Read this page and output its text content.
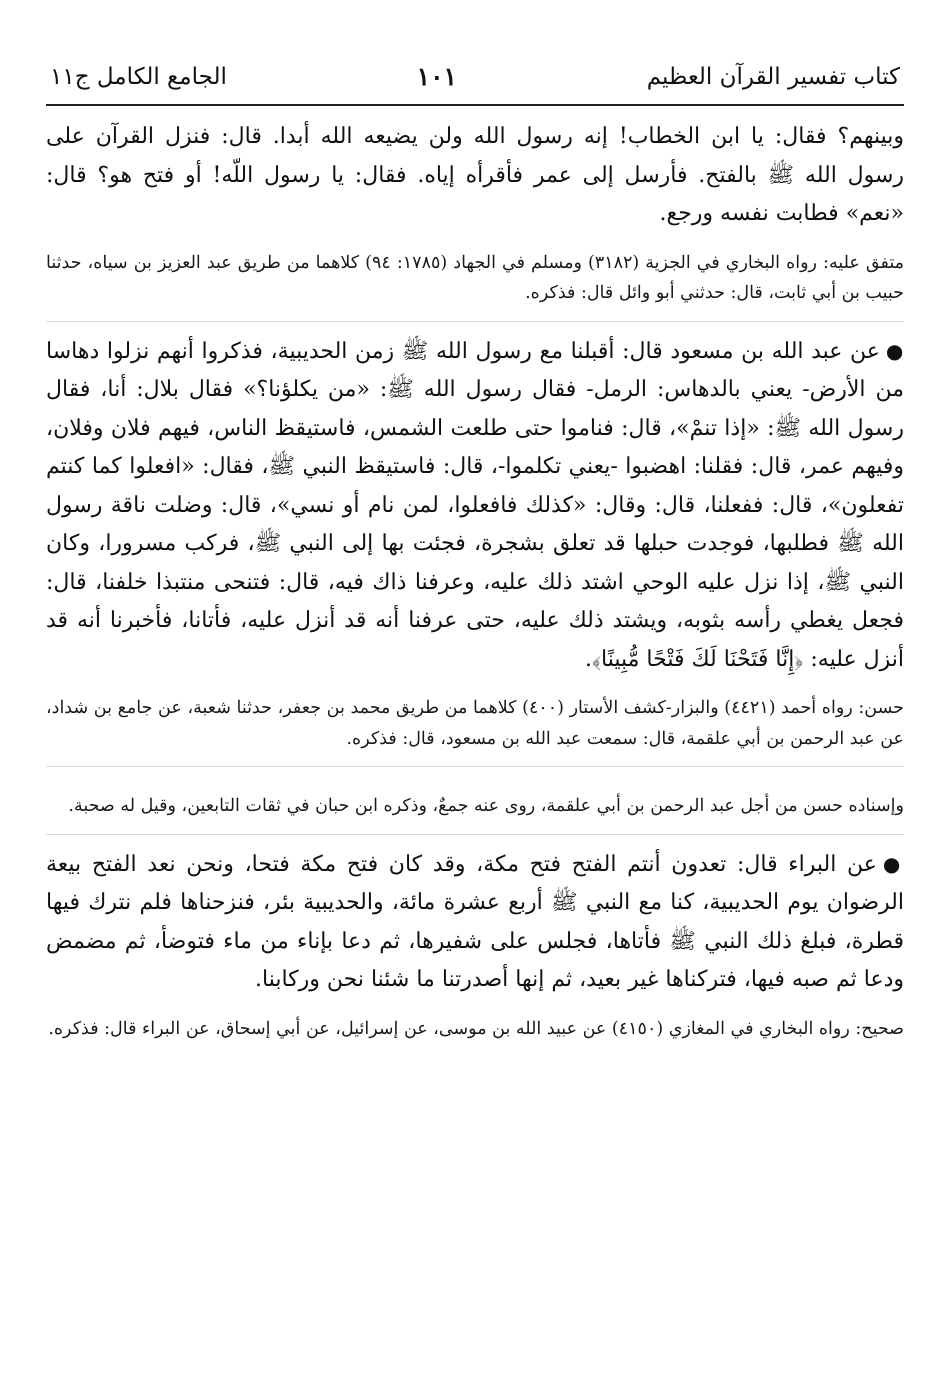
كتاب تفسير القرآن العظيم
١٠١
الجامع الكامل ج١١

وبينهم؟ فقال: يا ابن الخطاب! إنه رسول الله ولن يضيعه الله أبدا. قال: فنزل القرآن على رسول الله ﷺ بالفتح. فأرسل إلى عمر فأقرأه إياه. فقال: يا رسول اللّه! أو فتح هو؟ قال: «نعم» فطابت نفسه ورجع.

متفق عليه: رواه البخاري في الجزية (٣١٨٢) ومسلم في الجهاد (١٧٨٥: ٩٤) كلاهما من طريق عبد العزيز بن سياه، حدثنا حبيب بن أبي ثابت، قال: حدثني أبو وائل قال: فذكره.

●عن عبد الله بن مسعود قال: أقبلنا مع رسول الله ﷺ زمن الحديبية، فذكروا أنهم نزلوا دهاسا من الأرض- يعني بالدهاس: الرمل- فقال رسول الله ﷺ: «من يكلؤنا؟» فقال بلال: أنا، فقال رسول الله ﷺ: «إذا تنمْ»، قال: فناموا حتى طلعت الشمس، فاستيقظ الناس، فيهم فلان وفلان، وفيهم عمر، قال: فقلنا: اهضبوا -يعني تكلموا-، قال: فاستيقظ النبي ﷺ، فقال: «افعلوا كما كنتم تفعلون»، قال: ففعلنا، قال: وقال: «كذلك فافعلوا، لمن نام أو نسي»، قال: وضلت ناقة رسول الله ﷺ فطلبها، فوجدت حبلها قد تعلق بشجرة، فجئت بها إلى النبي ﷺ، فركب مسرورا، وكان النبي ﷺ، إذا نزل عليه الوحي اشتد ذلك عليه، وعرفنا ذاك فيه، قال: فتنحى منتبذا خلفنا، قال: فجعل يغطي رأسه بثوبه، ويشتد ذلك عليه، حتى عرفنا أنه قد أنزل عليه، فأتانا، فأخبرنا أنه قد أنزل عليه: ﴿إِنَّا فَتَحْنَا لَكَ فَتْحًا مُّبِينًا﴾.

حسن: رواه أحمد (٤٤٢١) والبزار-كشف الأستار (٤٠٠) كلاهما من طريق محمد بن جعفر، حدثنا شعبة، عن جامع بن شداد، عن عبد الرحمن بن أبي علقمة، قال: سمعت عبد الله بن مسعود، قال: فذكره.

وإسناده حسن من أجل عبد الرحمن بن أبي علقمة، روى عنه جمعٌ، وذكره ابن حبان في ثقات التابعين، وقيل له صحبة.

●عن البراء قال: تعدون أنتم الفتح فتح مكة، وقد كان فتح مكة فتحا، ونحن نعد الفتح بيعة الرضوان يوم الحديبية، كنا مع النبي ﷺ أربع عشرة مائة، والحديبية بئر، فنزحناها فلم نترك فيها قطرة، فبلغ ذلك النبي ﷺ فأتاها، فجلس على شفيرها، ثم دعا بإناء من ماء فتوضأ، ثم مضمض ودعا ثم صبه فيها، فتركناها غير بعيد، ثم إنها أصدرتنا ما شئنا نحن وركابنا.

صحيح: رواه البخاري في المغازي (٤١٥٠) عن عبيد الله بن موسى، عن إسرائيل، عن أبي إسحاق، عن البراء قال: فذكره.
